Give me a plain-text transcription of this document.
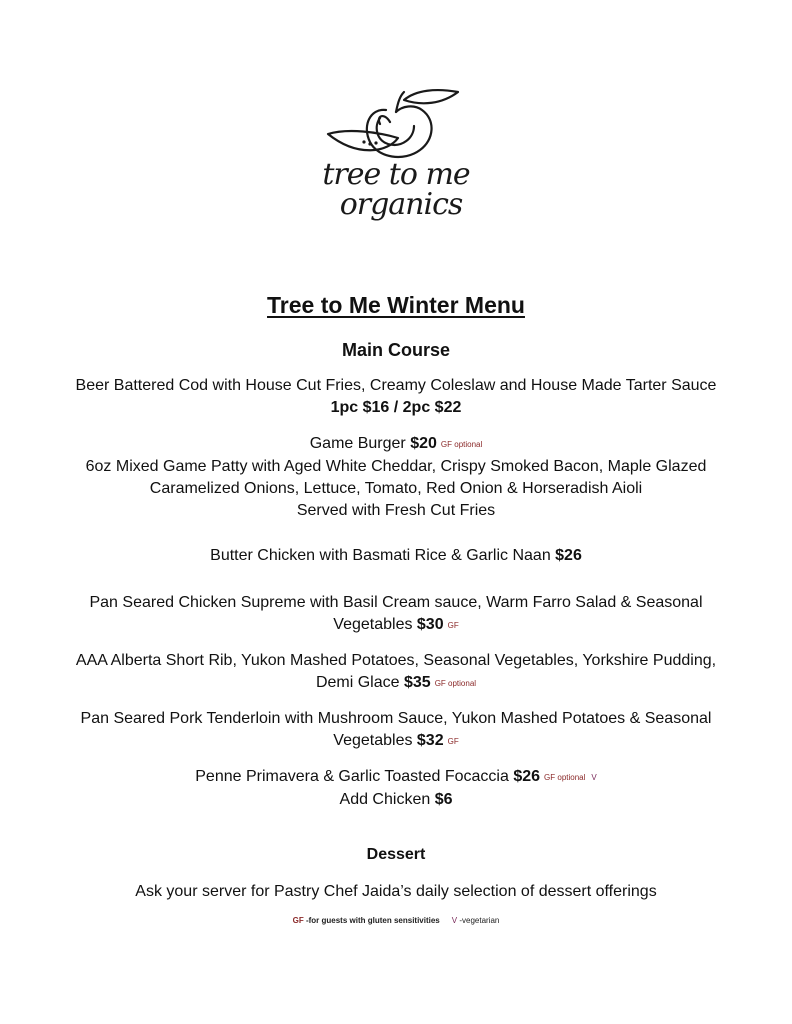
tree to me
organics
Tree to Me Winter Menu
Main Course
Beer Battered Cod with House Cut Fries, Creamy Coleslaw and House Made Tarter Sauce 1pc $16 / 2pc $22
Game Burger $20 GF optional
6oz Mixed Game Patty with Aged White Cheddar, Crispy Smoked Bacon, Maple Glazed Caramelized Onions, Lettuce, Tomato, Red Onion & Horseradish Aioli
Served with Fresh Cut Fries
Butter Chicken with Basmati Rice & Garlic Naan $26
Pan Seared Chicken Supreme with Basil Cream sauce, Warm Farro Salad & Seasonal Vegetables $30 GF
AAA Alberta Short Rib, Yukon Mashed Potatoes, Seasonal Vegetables, Yorkshire Pudding, Demi Glace $35 GF optional
Pan Seared Pork Tenderloin with Mushroom Sauce, Yukon Mashed Potatoes & Seasonal Vegetables $32 GF
Penne Primavera & Garlic Toasted Focaccia $26 GF optional V
Add Chicken $6
Dessert
Ask your server for Pastry Chef Jaida’s daily selection of dessert offerings
GF -for guests with gluten sensitivities V -vegetarian
